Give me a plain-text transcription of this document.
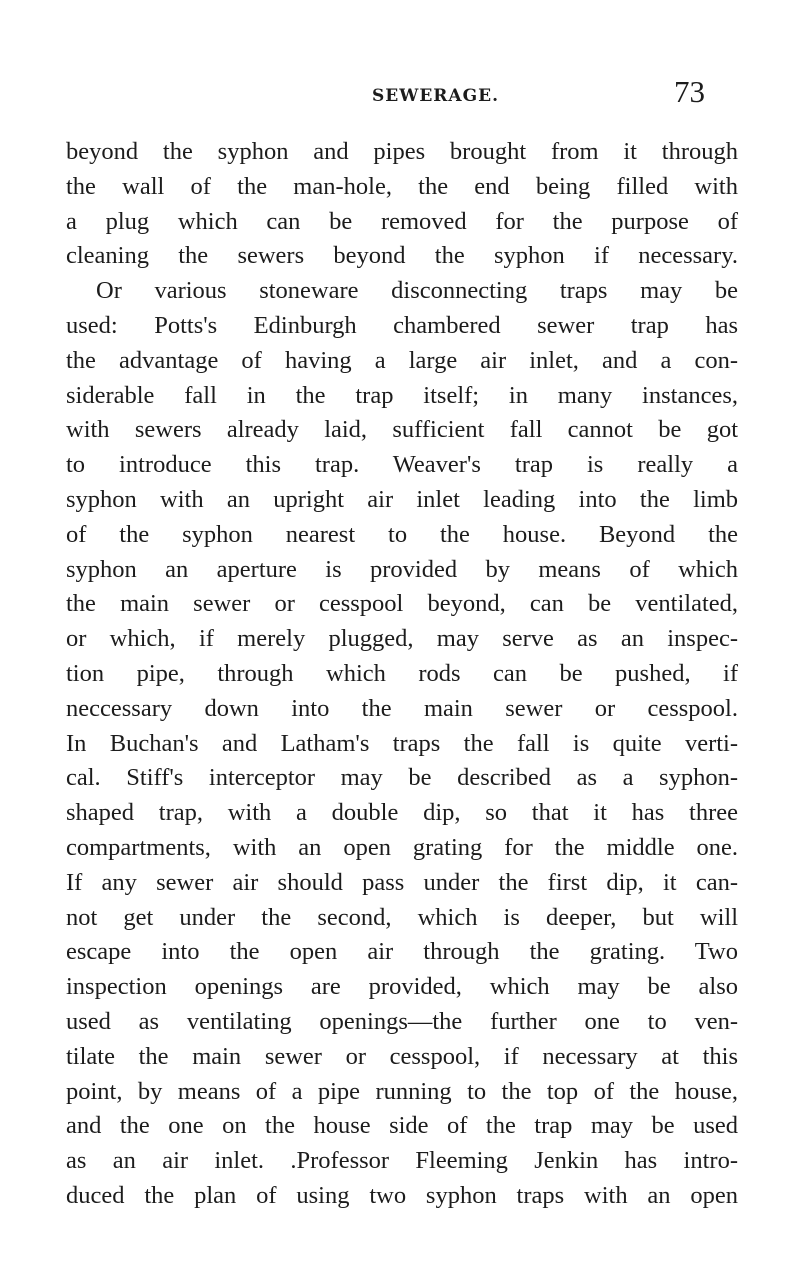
SEWERAGE.	73
beyond the syphon and pipes brought from it through
the wall of the man-hole, the end being filled with
a plug which can be removed for the purpose of
cleaning the sewers beyond the syphon if necessary.
Or various stoneware disconnecting traps may be
used: Potts's Edinburgh chambered sewer trap has
the advantage of having a large air inlet, and a con-
siderable fall in the trap itself; in many instances,
with sewers already laid, sufficient fall cannot be got
to introduce this trap. Weaver's trap is really a
syphon with an upright air inlet leading into the limb
of the syphon nearest to the house. Beyond the
syphon an aperture is provided by means of which
the main sewer or cesspool beyond, can be ventilated,
or which, if merely plugged, may serve as an inspec-
tion pipe, through which rods can be pushed, if
neccessary down into the main sewer or cesspool.
In Buchan's and Latham's traps the fall is quite verti-
cal. Stiff's interceptor may be described as a syphon-
shaped trap, with a double dip, so that it has three
compartments, with an open grating for the middle one.
If any sewer air should pass under the first dip, it can-
not get under the second, which is deeper, but will
escape into the open air through the grating. Two
inspection openings are provided, which may be also
used as ventilating openings—the further one to ven-
tilate the main sewer or cesspool, if necessary at this
point, by means of a pipe running to the top of the house,
and the one on the house side of the trap may be used
as an air inlet. .Professor Fleeming Jenkin has intro-
duced the plan of using two syphon traps with an open
